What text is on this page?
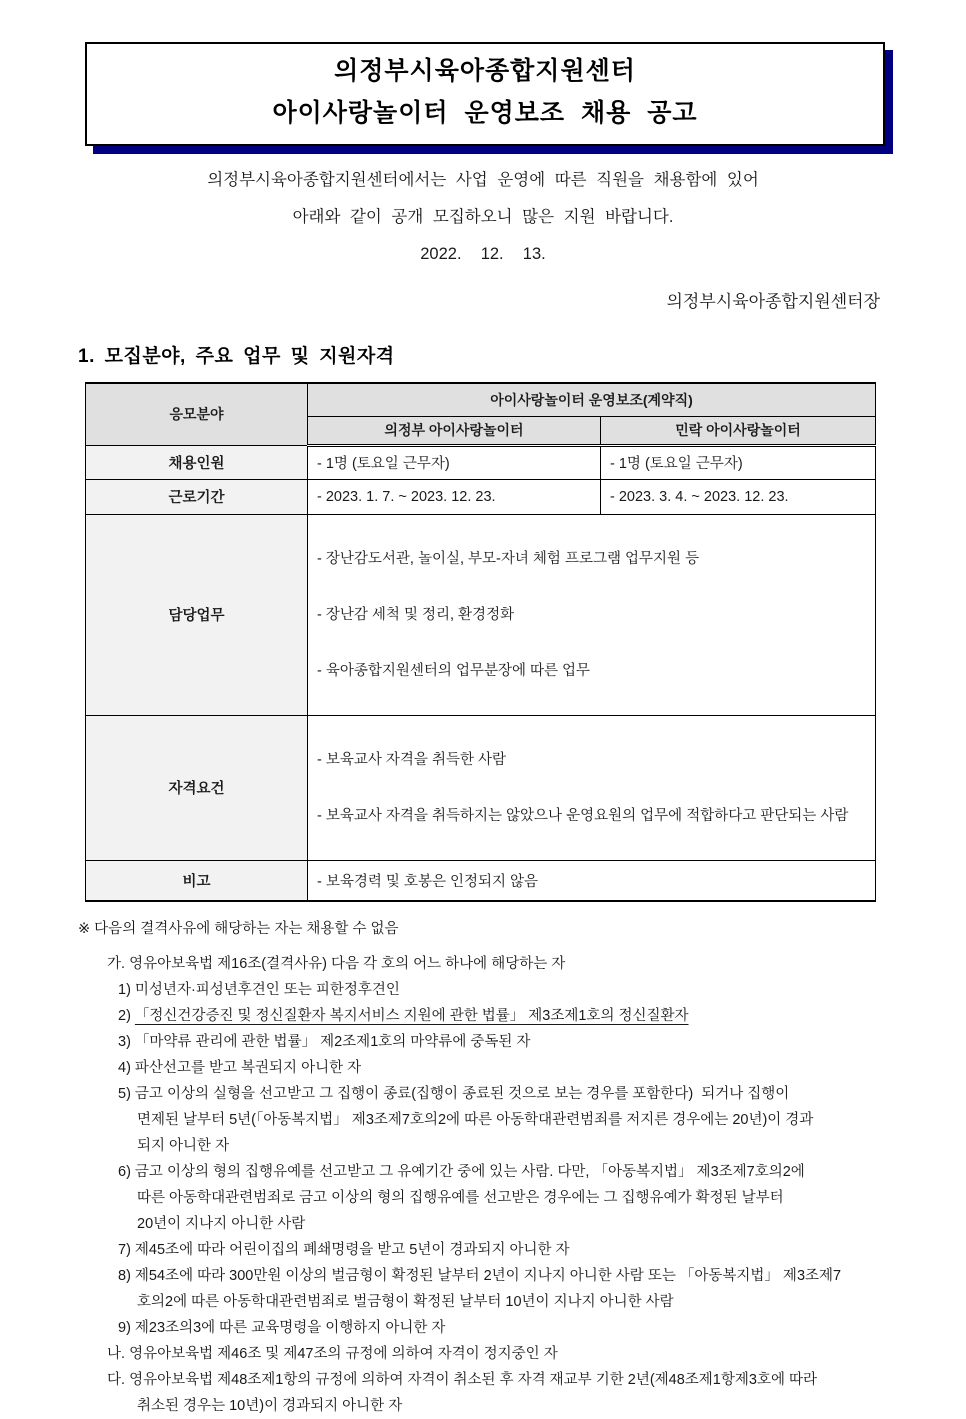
의정부시육아종합지원센터
아이사랑놀이터 운영보조 채용 공고
의정부시육아종합지원센터에서는 사업 운영에 따른 직원을 채용함에 있어
아래와 같이 공개 모집하오니 많은 지원 바랍니다.
2022.  12.  13.
의정부시육아종합지원센터장
1. 모집분야, 주요 업무 및 지원자격
응모분야	아이사랑놀이터 운영보조(계약직)	
	의정부 아이사랑놀이터	민락 아이사랑놀이터
채용인원	- 1명 (토요일 근무자)	- 1명 (토요일 근무자)
근로기간	- 2023. 1. 7. ~ 2023. 12. 23.	- 2023. 3. 4. ~ 2023. 12. 23.
담당업무	- 장난감도서관, 놀이실, 부모-자녀 체험 프로그램 업무지원 등

- 장난감 세척 및 정리, 환경정화

- 육아종합지원센터의 업무분장에 따른 업무	

자격요건	- 보육교사 자격을 취득한 사람

- 보육교사 자격을 취득하지는 않았으나 운영요원의 업무에 적합하다고 판단되는 사람	

비고	- 보육경력 및 호봉은 인정되지 않음	
※ 다음의 결격사유에 해당하는 자는 채용할 수 없음
가. 영유아보육법 제16조(결격사유) 다음 각 호의 어느 하나에 해당하는 자
1) 미성년자·피성년후견인 또는 피한정후견인
2) 「정신건강증진 및 정신질환자 복지서비스 지원에 관한 법률」 제3조제1호의 정신질환자
3) 「마약류 관리에 관한 법률」 제2조제1호의 마약류에 중독된 자
4) 파산선고를 받고 복권되지 아니한 자
5) 금고 이상의 실형을 선고받고 그 집행이 종료(집행이 종료된 것으로 보는 경우를 포함한다)  되거나 집행이
면제된 날부터 5년(「아동복지법」 제3조제7호의2에 따른 아동학대관련범죄를 저지른 경우에는 20년)이 경과
되지 아니한 자
6) 금고 이상의 형의 집행유예를 선고받고 그 유예기간 중에 있는 사람. 다만, 「아동복지법」 제3조제7호의2에
따른 아동학대관련범죄로 금고 이상의 형의 집행유예를 선고받은 경우에는 그 집행유예가 확정된 날부터
20년이 지나지 아니한 사람
7) 제45조에 따라 어린이집의 폐쇄명령을 받고 5년이 경과되지 아니한 자
8) 제54조에 따라 300만원 이상의 벌금형이 확정된 날부터 2년이 지나지 아니한 사람 또는 「아동복지법」 제3조제7
호의2에 따른 아동학대관련범죄로 벌금형이 확정된 날부터 10년이 지나지 아니한 사람
9) 제23조의3에 따른 교육명령을 이행하지 아니한 자
나. 영유아보육법 제46조 및 제47조의 규정에 의하여 자격이 정지중인 자
다. 영유아보육법 제48조제1항의 규정에 의하여 자격이 취소된 후 자격 재교부 기한 2년(제48조제1항제3호에 따라
취소된 경우는 10년)이 경과되지 아니한 자
